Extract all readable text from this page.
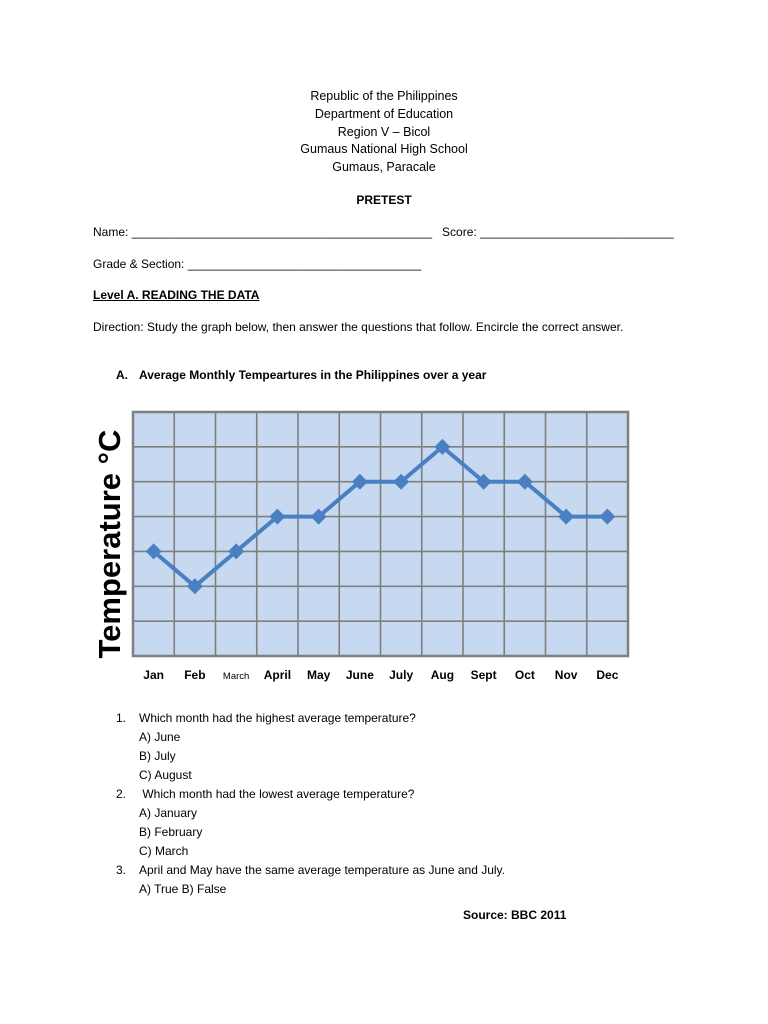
Republic of the Philippines
Department of Education
Region V – Bicol
Gumaus National High School
Gumaus, Paracale
PRETEST
Name: _____________________________________________ Score: _____________________________
Grade & Section: ___________________________________
Level A. READING THE DATA
Direction: Study the graph below, then answer the questions that follow. Encircle the correct answer.
A. Average Monthly Tempeartures in the Philippines over a year
Temperature °C
Jan Feb March April May June July Aug Sept Oct Nov Dec
1. Which month had the highest average temperature?
A) June
B) July
C) August
2. Which month had the lowest average temperature?
A) January
B) February
C) March
3. April and May have the same average temperature as June and July.
A) True B) False
Source: BBC 2011
